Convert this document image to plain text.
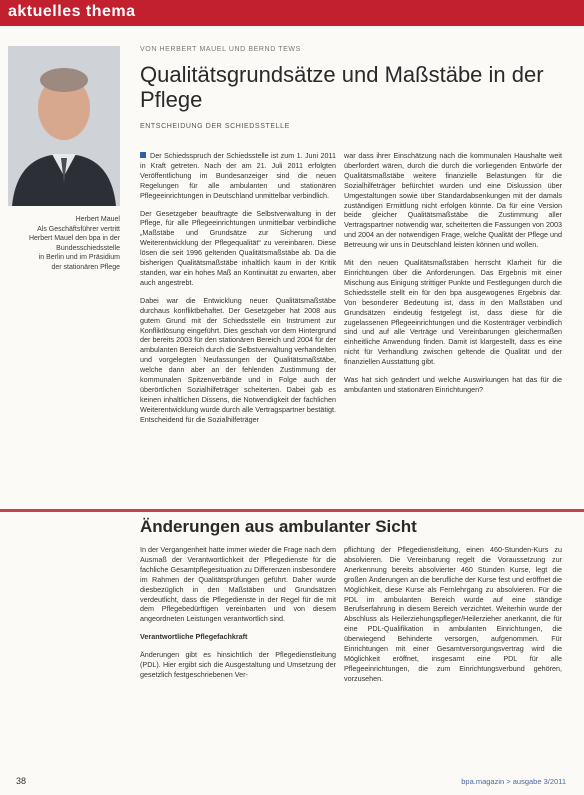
aktuelles thema
Herbert Mauel
Als Geschäftsführer vertritt
Herbert Mauel den bpa in der
Bundesschiedsstelle
in Berlin und im Präsidium
der stationären Pflege
VON HERBERT MAUEL UND BERND TEWS
Qualitätsgrundsätze und Maßstäbe in der Pflege
ENTSCHEIDUNG DER SCHIEDSSTELLE

Der Schiedsspruch der Schiedsstelle ist zum 1. Juni 2011 in Kraft getreten. Nach der am 21. Juli 2011 erfolgten Veröffentlichung im Bundesanzeiger sind die neuen Regelungen für alle ambulanten und stationären Pflegeeinrichtungen in Deutschland unmittelbar verbindlich.

Der Gesetzgeber beauftragte die Selbstverwaltung in der Pflege, für alle Pflegeeinrichtungen unmittelbar verbindliche „Maßstäbe und Grundsätze zur Sicherung und Weiterentwicklung der Pflegequalität“ zu vereinbaren. Diese lösen die seit 1996 geltenden Qualitätsmaßstäbe ab. Da die bisherigen Qualitätsmaßstäbe inhaltlich kaum in der Kritik standen, war ein hohes Maß an Kontinuität zu erwarten, aber auch angestrebt.

Dabei war die Entwicklung neuer Qualitätsmaßstäbe durchaus konfliktbehaftet. Der Gesetzgeber hat 2008 aus gutem Grund mit der Schiedsstelle ein Instrument zur Konfliktlösung eingeführt. Dies geschah vor dem Hintergrund der bereits 2003 für den stationären Bereich und 2004 für der ambulanten Bereich durch die Selbstverwaltung verhandelten und vorgelegten Neufassungen der Qualitätsmaßstäbe, welche dann aber an der fehlenden Zustimmung der kommunalen Spitzenverbände und in Folge auch der überörtlichen Sozialhilfeträger scheiterten. Dabei gab es keinen inhaltlichen Dissens, die Notwendigkeit der fachlichen Weiterentwicklung wurde durch alle Vertragspartner bestätigt. Entscheidend für die Sozialhilfeträger

war dass ihrer Einschätzung nach die kommunalen Haushalte weit überfordert wären, durch die durch die vorliegenden Entwürfe der Qualitätsmaßstäbe weitere finanzielle Belastungen für die Sozialhilfeträger befürchtet wurden und eine Diskussion über Umgestaltungen sowie über Standardabsenkungen mit der damals zuständigen Ermittlung nicht erfolgen könnte. Da für eine Version beide gleicher Qualitätsmaßstäbe die Zustimmung aller Vertragspartner notwendig war, scheiterten die Fassungen von 2003 und 2004 an der notwendigen Frage, welche Qualität der Pflege und Betreuung wir uns in Deutschland leisten können und wollen.

Mit den neuen Qualitätsmaßstäben herrscht Klarheit für die Einrichtungen über die Anforderungen. Das Ergebnis mit einer Mischung aus Einigung strittiger Punkte und Festlegungen durch die Schiedsstelle stellt ein für den bpa ausgewogenes Ergebnis dar. Von besonderer Bedeutung ist, dass in den Maßstäben und Grundsätzen eindeutig festgelegt ist, dass diese für die zugelassenen Pflegeeinrichtungen und die Kostenträger verbindlich sind und auf alle Verträge und Vereinbarungen gleichermaßen einheitliche Anwendung finden. Damit ist klargestellt, dass es eine nicht für Verhandlung zwischen geltende die Qualität und der finanziellen Ausstattung gibt.

Was hat sich geändert und welche Auswirkungen hat das für die ambulanten und stationären Einrichtungen?

Änderungen aus ambulanter Sicht

In der Vergangenheit hatte immer wieder die Frage nach dem Ausmaß der Verantwortlichkeit der Pflegedienste für die fachliche Gesamtpflegesituation zu Differenzen insbesondere im Rahmen der Qualitätsprüfungen geführt. Daher wurde diesbezüglich in den Maßstäben und Grundsätzen verdeutlicht, dass die Pflegedienste in der Regel für die mit dem Pflegebedürftigen vereinbarten und von diesem angeordneten Leistungen verantwortlich sind.

Verantwortliche Pflegefachkraft

Änderungen gibt es hinsichtlich der Pflegedienstleitung (PDL). Hier ergibt sich die Ausgestaltung und Umsetzung der gesetzlich festgeschriebenen Ver-

pflichtung der Pflegedienstleitung, einen 460-Stunden-Kurs zu absolvieren. Die Vereinbarung regelt die Voraussetzung zur Anerkennung bereits absolvierter 460 Stunden Kurse, legt die großen Änderungen an die berufliche der Kurse fest und eröffnet die Möglichkeit, diese Kurse als Fernlehrgang zu absolvieren. Für die PDL im ambulanten Bereich wurde auf eine ständige Berufserfahrung in diesem Bereich verzichtet. Weiterhin wurde der Abschluss als Heilerziehungspfleger/Heilerzieher anerkannt, die für eine PDL-Qualifikation in ambulanten Einrichtungen, die überwiegend Behinderte versorgen, aufgenommen. Für Einrichtungen mit einer Gesamtversorgungsvertrag wird die Möglichkeit eröffnet, insgesamt eine PDL für alle Pflegeeinrichtungen, die zum Einrichtungsverbund gehören, vorzusehen.

38	bpa.magazin > ausgabe 3/2011
